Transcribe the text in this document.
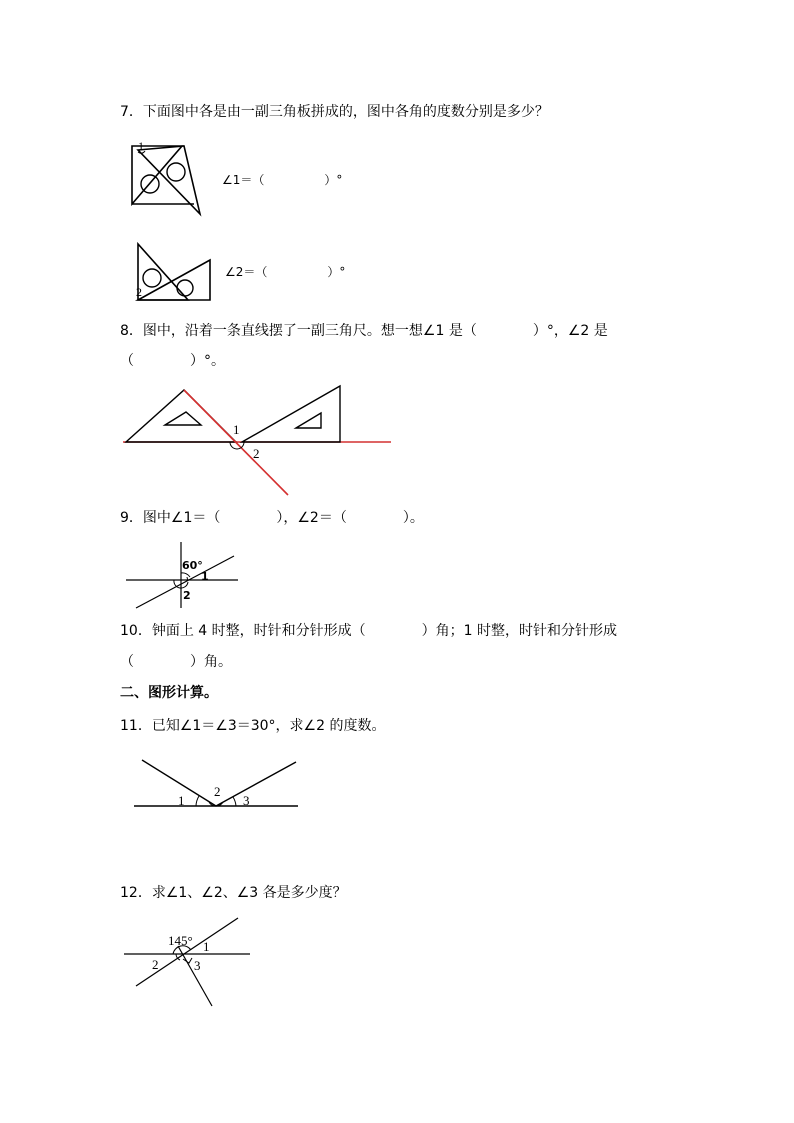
7．下面图中各是由一副三角板拼成的，图中各角的度数分别是多少？
1
∠1＝（　　　　　）°
2
∠2＝（　　　　　）°
8．图中，沿着一条直线摆了一副三角尺。想一想∠1 是（　　　　）°，∠2 是
（　　　　）°。
1
2
9．图中∠1＝（　　　　），∠2＝（　　　　）。
60°
1
2
10．钟面上 4 时整，时针和分针形成（　　　　）角；1 时整，时针和分针形成
（　　　　）角。
二、图形计算。
11．已知∠1＝∠3＝30°，求∠2 的度数。
1
2
3
12．求∠1、∠2、∠3 各是多少度？
145° 1
2	3
